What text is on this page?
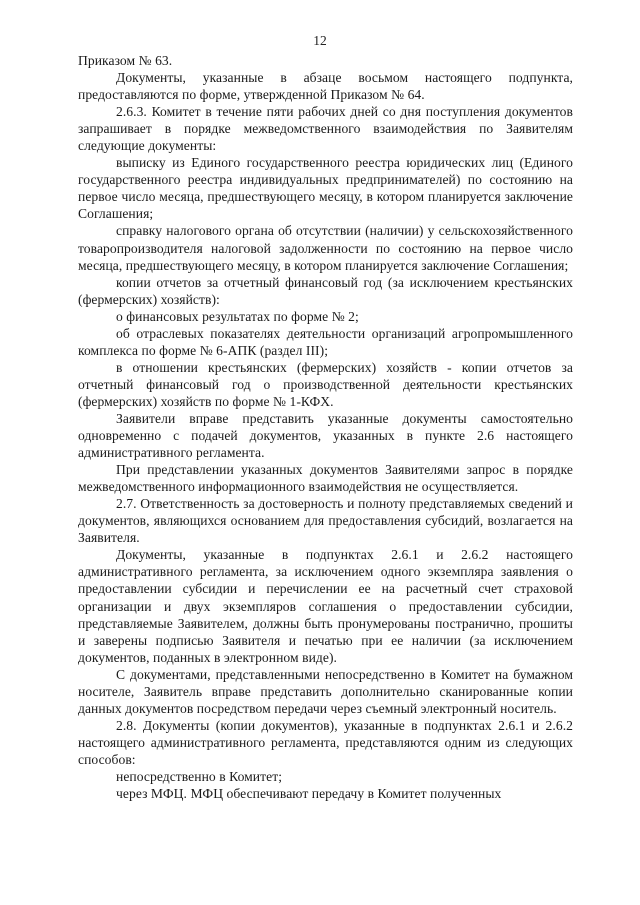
12

Приказом № 63.

Документы, указанные в абзаце восьмом настоящего подпункта, предоставляются по форме, утвержденной Приказом № 64.

2.6.3. Комитет в течение пяти рабочих дней со дня поступления документов запрашивает в порядке межведомственного взаимодействия по Заявителям следующие документы:

выписку из Единого государственного реестра юридических лиц (Единого государственного реестра индивидуальных предпринимателей) по состоянию на первое число месяца, предшествующего месяцу, в котором планируется заключение Соглашения;

справку налогового органа об отсутствии (наличии) у сельскохозяйственного товаропроизводителя налоговой задолженности по состоянию на первое число месяца, предшествующего месяцу, в котором планируется заключение Соглашения;

копии отчетов за отчетный финансовый год (за исключением крестьянских (фермерских) хозяйств):

о финансовых результатах по форме № 2;

об отраслевых показателях деятельности организаций агропромышленного комплекса по форме № 6-АПК (раздел III);

в отношении крестьянских (фермерских) хозяйств - копии отчетов за отчетный финансовый год о производственной деятельности крестьянских (фермерских) хозяйств по форме № 1-КФХ.

Заявители вправе представить указанные документы самостоятельно одновременно с подачей документов, указанных в пункте 2.6 настоящего административного регламента.

При представлении указанных документов Заявителями запрос в порядке межведомственного информационного взаимодействия не осуществляется.

2.7. Ответственность за достоверность и полноту представляемых сведений и документов, являющихся основанием для предоставления субсидий, возлагается на Заявителя.

Документы, указанные в подпунктах 2.6.1 и 2.6.2 настоящего административного регламента, за исключением одного экземпляра заявления о предоставлении субсидии и перечислении ее на расчетный счет страховой организации и двух экземпляров соглашения о предоставлении субсидии, представляемые Заявителем, должны быть пронумерованы постранично, прошиты и заверены подписью Заявителя и печатью при ее наличии (за исключением документов, поданных в электронном виде).

С документами, представленными непосредственно в Комитет на бумажном носителе, Заявитель вправе представить дополнительно сканированные копии данных документов посредством передачи через съемный электронный носитель.

2.8. Документы (копии документов), указанные в подпунктах 2.6.1 и 2.6.2 настоящего административного регламента, представляются одним из следующих способов:

непосредственно в Комитет;

через МФЦ. МФЦ обеспечивают передачу в Комитет полученных
